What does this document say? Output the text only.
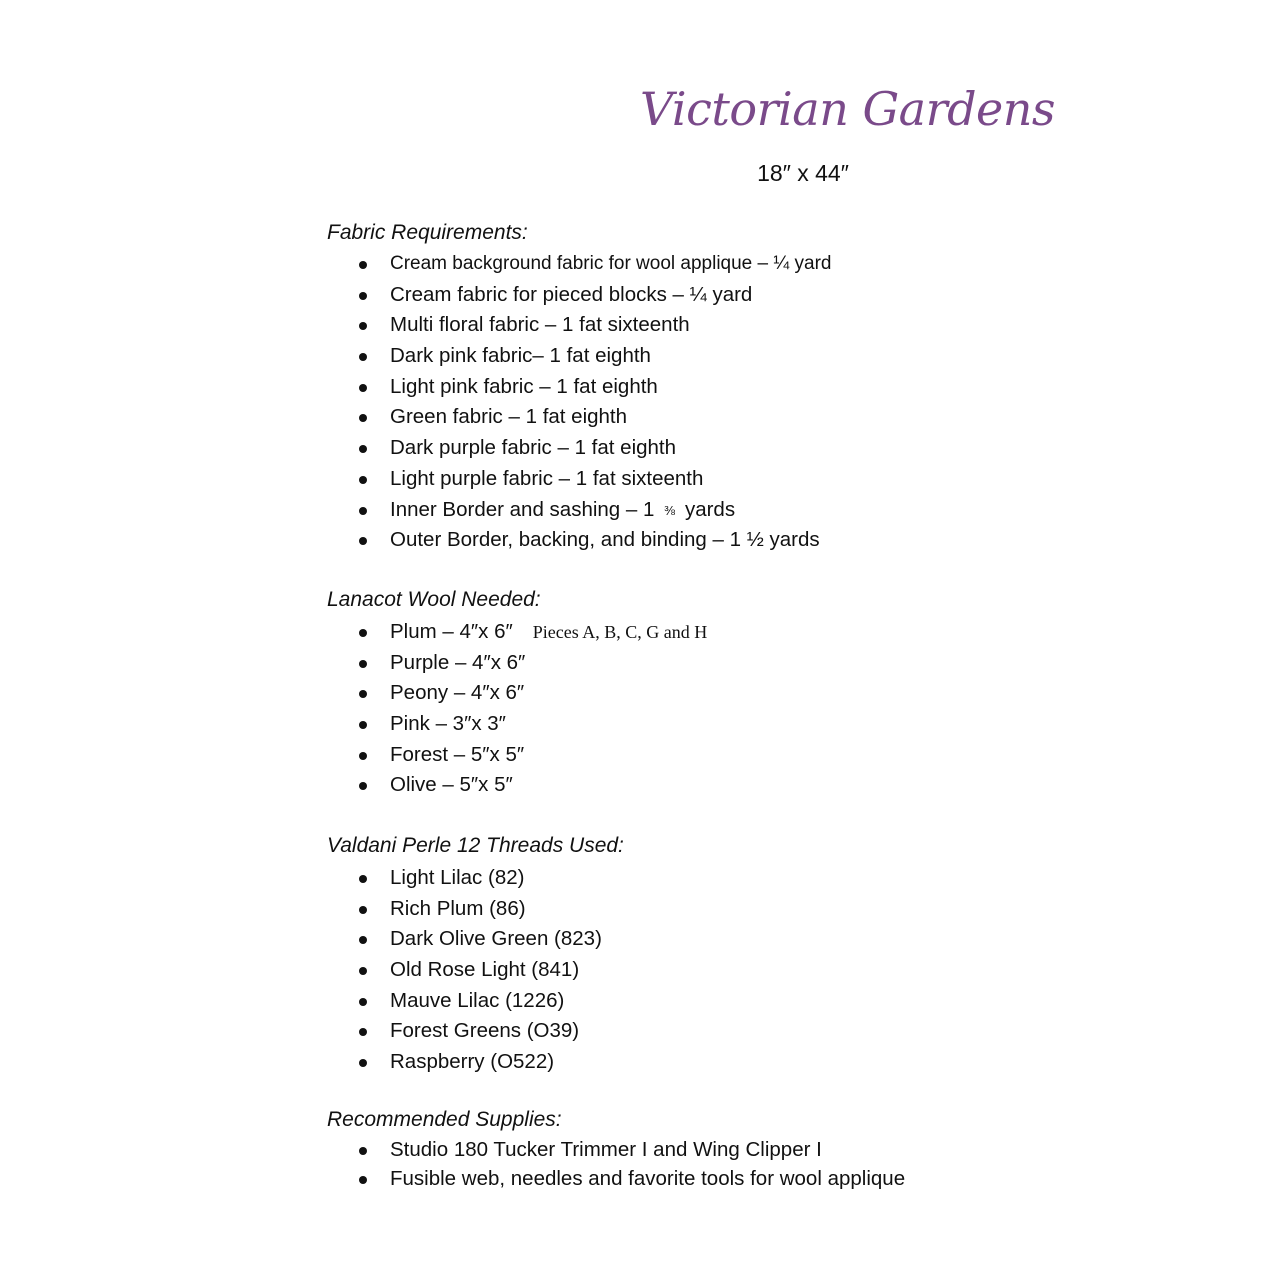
Victorian Gardens
18″ x 44″
Fabric Requirements:
Cream background fabric for wool applique – ¼ yard
Cream fabric for pieced blocks – ¼ yard
Multi floral fabric – 1 fat sixteenth
Dark pink fabric– 1 fat eighth
Light pink fabric – 1 fat eighth
Green fabric – 1 fat eighth
Dark purple fabric – 1 fat eighth
Light purple fabric – 1 fat sixteenth
Inner Border and sashing – 1 ⅜ yards
Outer Border, backing, and binding – 1 ½ yards
Lanacot Wool Needed:
Plum – 4″x 6″ Pieces A, B, C, G and H
Purple – 4″x 6″
Peony – 4″x 6″
Pink – 3″x 3″
Forest – 5″x 5″
Olive – 5″x 5″
Valdani Perle 12 Threads Used:
Light Lilac (82)
Rich Plum (86)
Dark Olive Green (823)
Old Rose Light (841)
Mauve Lilac (1226)
Forest Greens (O39)
Raspberry (O522)
Recommended Supplies:
Studio 180 Tucker Trimmer I and Wing Clipper I
Fusible web, needles and favorite tools for wool applique
